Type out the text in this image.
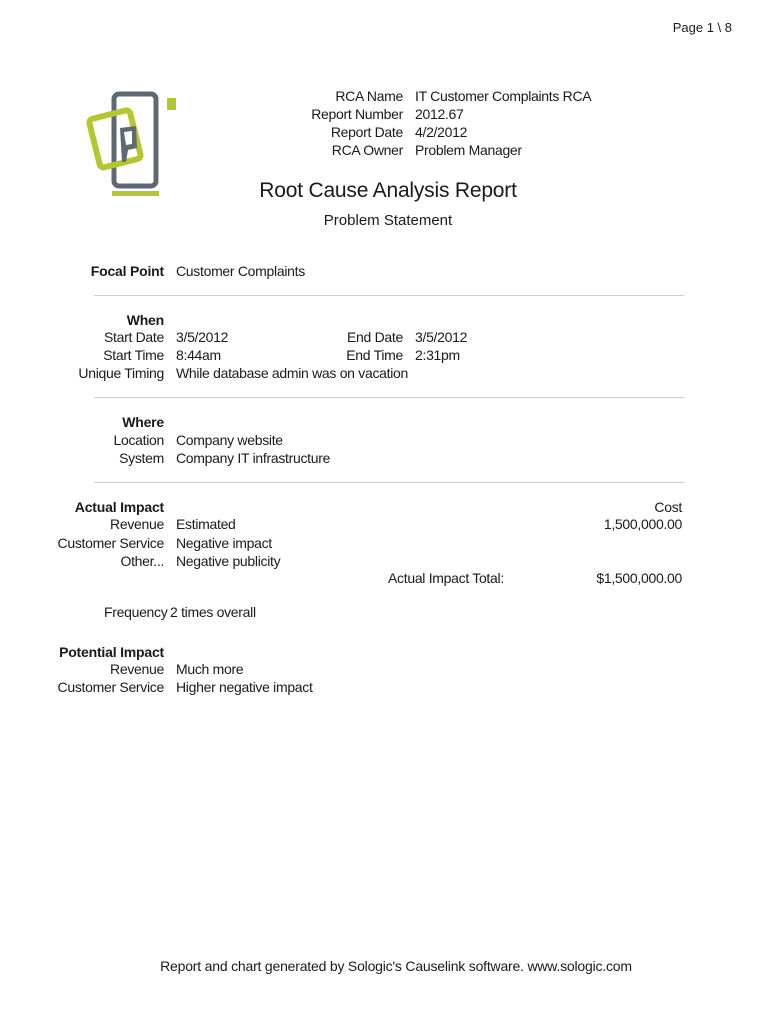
Page 1 \ 8
RCA Name IT Customer Complaints RCA
Report Number 2012.67
Report Date 4/2/2012
RCA Owner Problem Manager
Root Cause Analysis Report
Problem Statement
Focal Point Customer Complaints
When
Start Date 3/5/2012	End Date 3/5/2012
Start Time 8:44am	End Time 2:31pm
Unique Timing While database admin was on vacation
Where
Location Company website
System Company IT infrastructure
Actual Impact	Cost
Revenue Estimated	1,500,000.00
Customer Service Negative impact
Other... Negative publicity
Actual Impact Total:	$1,500,000.00
Frequency 2 times overall
Potential Impact
Revenue Much more
Customer Service Higher negative impact
Report and chart generated by Sologic's Causelink software. www.sologic.com
